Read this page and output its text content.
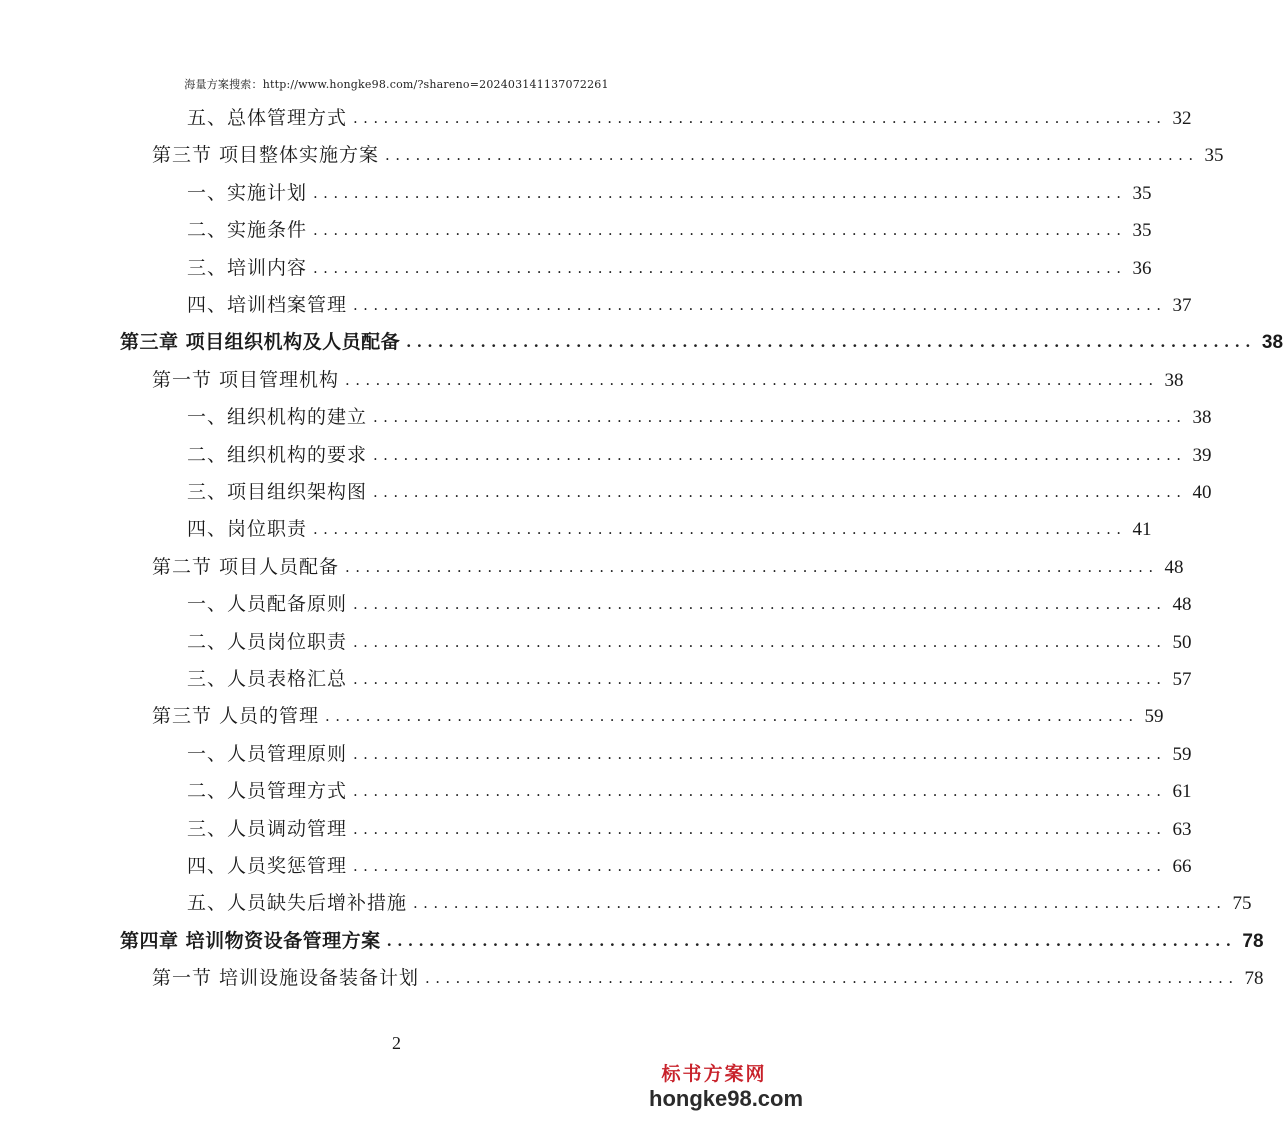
海量方案搜索：http://www.hongke98.com/?shareno=202403141137072261
五、总体管理方式 ................................................................................ 32
第三节 项目整体实施方案 ................................................................................ 35
一、实施计划 ................................................................................ 35
二、实施条件 ................................................................................ 35
三、培训内容 ................................................................................ 36
四、培训档案管理 ................................................................................ 37
第三章 项目组织机构及人员配备 ................................................................................ 38
第一节 项目管理机构 ................................................................................ 38
一、组织机构的建立 ................................................................................ 38
二、组织机构的要求 ................................................................................ 39
三、项目组织架构图 ................................................................................ 40
四、岗位职责 ................................................................................ 41
第二节 项目人员配备 ................................................................................ 48
一、人员配备原则 ................................................................................ 48
二、人员岗位职责 ................................................................................ 50
三、人员表格汇总 ................................................................................ 57
第三节 人员的管理 ................................................................................ 59
一、人员管理原则 ................................................................................ 59
二、人员管理方式 ................................................................................ 61
三、人员调动管理 ................................................................................ 63
四、人员奖惩管理 ................................................................................ 66
五、人员缺失后增补措施 ................................................................................ 75
第四章 培训物资设备管理方案 ................................................................................ 78
第一节 培训设施设备装备计划 ................................................................................ 78
2
标书方案网
hongke98.com
